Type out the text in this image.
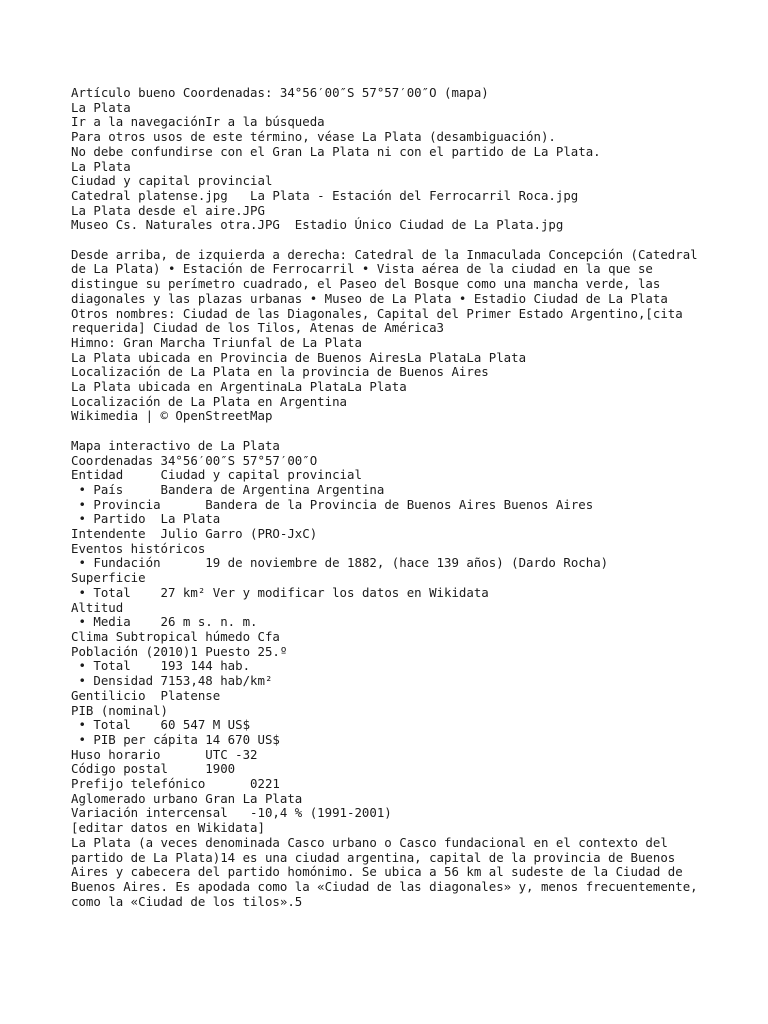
Artículo bueno Coordenadas: 34°56′00″S 57°57′00″O (mapa)
La Plata
Ir a la navegaciónIr a la búsqueda
Para otros usos de este término, véase La Plata (desambiguación).
No debe confundirse con el Gran La Plata ni con el partido de La Plata.
La Plata
Ciudad y capital provincial
Catedral platense.jpg   La Plata - Estación del Ferrocarril Roca.jpg
La Plata desde el aire.JPG
Museo Cs. Naturales otra.JPG  Estadio Único Ciudad de La Plata.jpg
Desde arriba, de izquierda a derecha: Catedral de la Inmaculada Concepción (Catedral de La Plata) • Estación de Ferrocarril • Vista aérea de la ciudad en la que se distingue su perímetro cuadrado, el Paseo del Bosque como una mancha verde, las diagonales y las plazas urbanas • Museo de La Plata • Estadio Ciudad de La Plata
Otros nombres: Ciudad de las Diagonales, Capital del Primer Estado Argentino,[cita requerida] Ciudad de los Tilos, Atenas de América3
Himno: Gran Marcha Triunfal de La Plata
La Plata ubicada en Provincia de Buenos AiresLa PlataLa Plata
Localización de La Plata en la provincia de Buenos Aires
La Plata ubicada en ArgentinaLa PlataLa Plata
Localización de La Plata en Argentina
Wikimedia | © OpenStreetMap
Mapa interactivo de La Plata
Coordenadas 34°56′00″S 57°57′00″O
Entidad     Ciudad y capital provincial
• País     Bandera de Argentina Argentina
• Provincia      Bandera de la Provincia de Buenos Aires Buenos Aires
• Partido  La Plata
Intendente  Julio Garro (PRO-JxC)
Eventos históricos
• Fundación      19 de noviembre de 1882, (hace 139 años) (Dardo Rocha)
Superficie
• Total    27 km² Ver y modificar los datos en Wikidata
Altitud
• Media    26 m s. n. m.
Clima Subtropical húmedo Cfa
Población (2010)1 Puesto 25.º
• Total    193 144 hab.
• Densidad 7153,48 hab/km²
Gentilicio  Platense
PIB (nominal)
• Total    60 547 M US$
• PIB per cápita 14 670 US$
Huso horario      UTC -32
Código postal     1900
Prefijo telefónico      0221
Aglomerado urbano Gran La Plata
Variación intercensal   -10,4 % (1991-2001)
[editar datos en Wikidata]
La Plata (a veces denominada Casco urbano o Casco fundacional en el contexto del partido de La Plata)14 es una ciudad argentina, capital de la provincia de Buenos Aires y cabecera del partido homónimo. Se ubica a 56 km al sudeste de la Ciudad de Buenos Aires. Es apodada como la «Ciudad de las diagonales» y, menos frecuentemente, como la «Ciudad de los tilos».5
